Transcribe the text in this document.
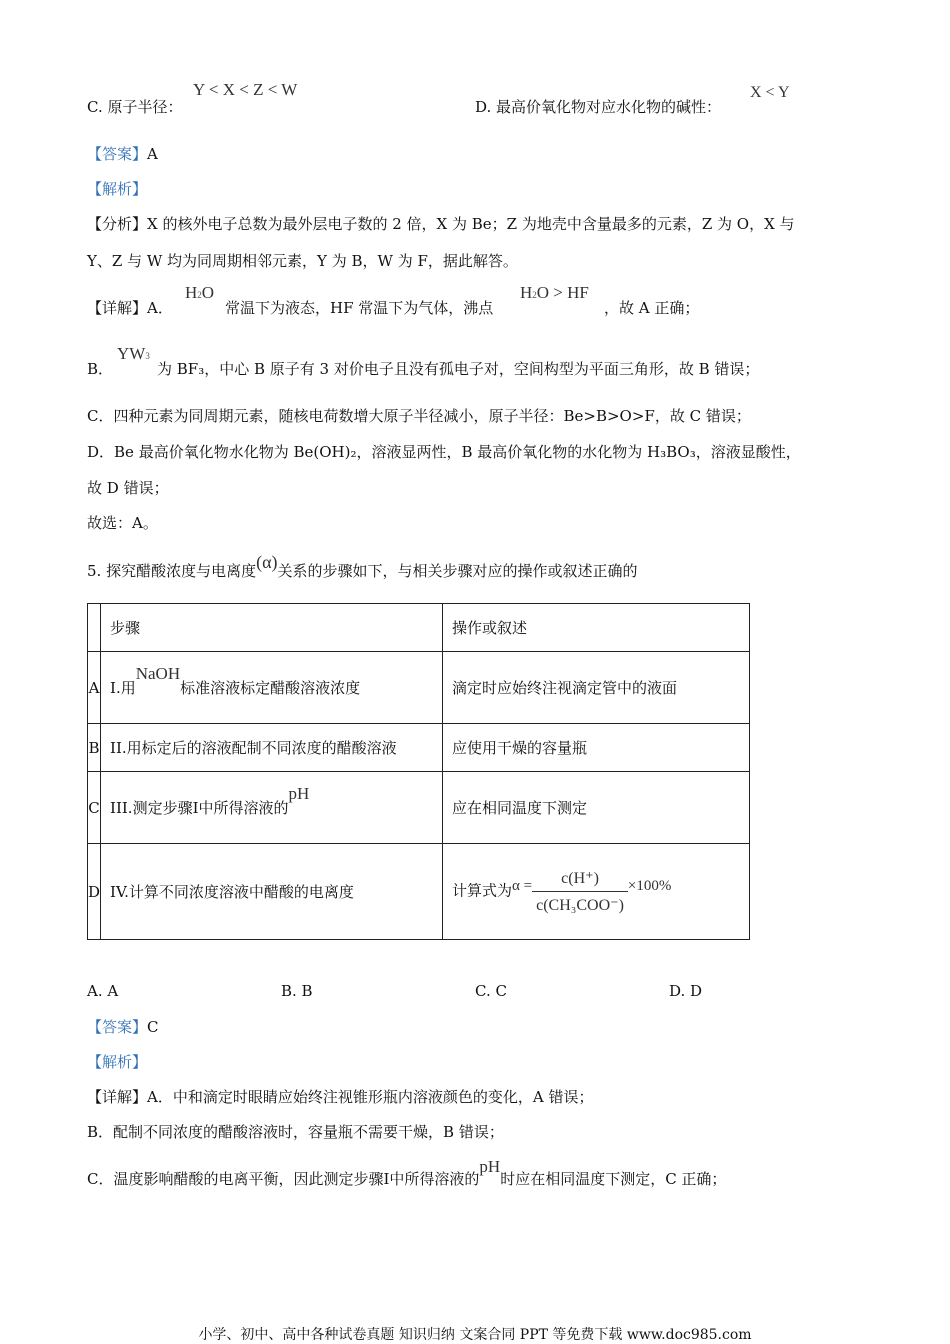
C. 原子半径：
Y < X < Z < W
D. 最高价氧化物对应水化物的碱性：
X < Y
【答案】A
【解析】
【分析】X 的核外电子总数为最外层电子数的 2 倍，X 为 Be；Z 为地壳中含量最多的元素，Z 为 O，X 与
Y、Z 与 W 均为同周期相邻元素，Y 为 B，W 为 F，据此解答。
【详解】A．
H2O
常温下为液态，HF 常温下为气体，沸点
H2O > HF
，故 A 正确；
B．
YW3
为 BF₃，中心 B 原子有 3 对价电子且没有孤电子对，空间构型为平面三角形，故 B 错误；
C．四种元素为同周期元素，随核电荷数增大原子半径减小，原子半径：Be>B>O>F，故 C 错误；
D．Be 最高价氧化物水化物为 Be(OH)₂，溶液显两性，B 最高价氧化物的水化物为 H₃BO₃，溶液显酸性，
故 D 错误；
故选：A。
5. 探究醋酸浓度与电离度(α)关系的步骤如下，与相关步骤对应的操作或叙述正确的
	步骤	操作或叙述
A	I.用NaOH标准溶液标定醋酸溶液浓度	滴定时应始终注视滴定管中的液面
B	II.用标定后的溶液配制不同浓度的醋酸溶液	应使用干燥的容量瓶
C	III.测定步骤I中所得溶液的pH	应在相同温度下测定
D	IV.计算不同浓度溶液中醋酸的电离度	计算式为$\alpha = \frac{c(H^+)}{\text{c(CH₃COO⁻)}} \times 100\%$
A. A	B. B	C. C	D. D
【答案】C
【解析】
【详解】A．中和滴定时眼睛应始终注视锥形瓶内溶液颜色的变化，A 错误；
B．配制不同浓度的醋酸溶液时，容量瓶不需要干燥，B 错误；
C．温度影响醋酸的电离平衡，因此测定步骤I中所得溶液的pH时应在相同温度下测定，C 正确；
小学、初中、高中各种试卷真题 知识归纳 文案合同 PPT 等免费下载 www.doc985.com
